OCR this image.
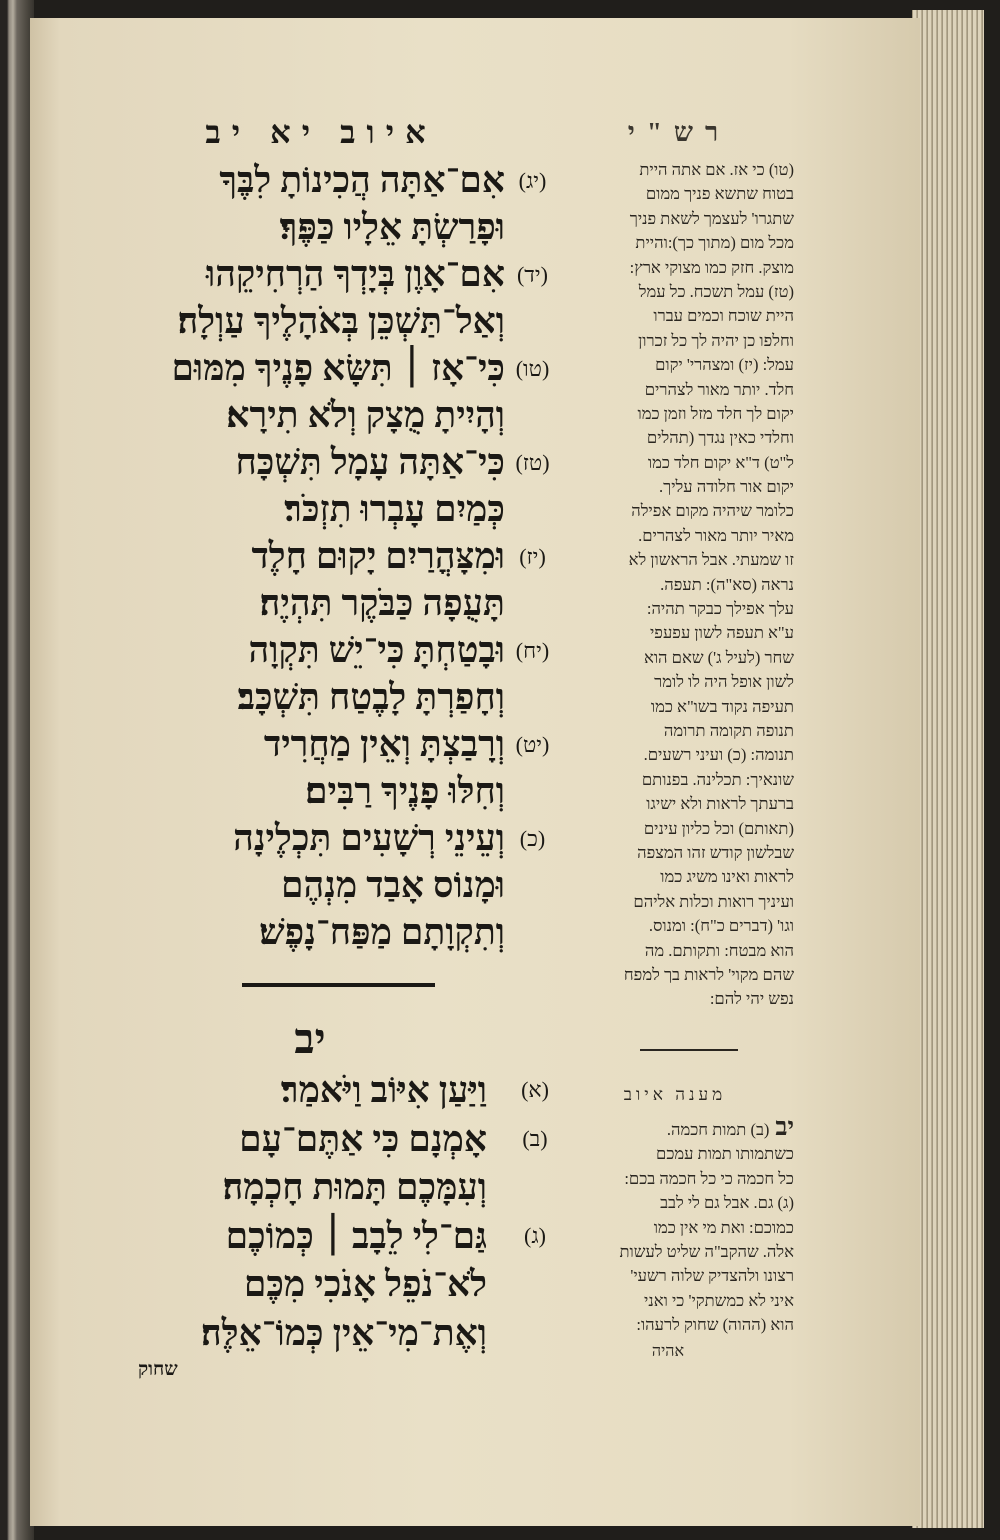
איוב יא יב	רש"י
(יג)
אִם־אַתָּה הֲכִינוֹתָ לִבֶּךָ
וּפָרַשְׂתָּ אֵלָיו כַּפֶּךָ׃
(יד)
אִם־אָוֶן בְּיָדְךָ הַרְחִיקֵהוּ
וְאַל־תַּשְׁכֵּן בְּאֹהָלֶיךָ עַוְלָה׃
(טו)
כִּי־אָז ׀ תִּשָּׂא פָנֶיךָ מִמּוּם
וְהָיִיתָ מֻצָק וְלֹא תִירָא׃
(טז)
כִּי־אַתָּה עָמָל תִּשְׁכָּח
כְּמַיִם עָבְרוּ תִזְכֹּר׃
(יז)
וּמִצָּהֳרַיִם יָקוּם חָלֶד
תָּעֻפָה כַּבֹּקֶר תִּהְיֶה׃
(יח)
וּבָטַחְתָּ כִּי־יֵשׁ תִּקְוָה
וְחָפַרְתָּ לָבֶטַח תִּשְׁכָּב׃
(יט)
וְרָבַצְתָּ וְאֵין מַחֲרִיד
וְחִלּוּ פָנֶיךָ רַבִּים׃
(כ)
וְעֵינֵי רְשָׁעִים תִּכְלֶינָה
וּמָנוֹס אָבַד מִנְהֶם
וְתִקְוָתָם מַפַּח־נָפֶשׁ׃
יב
(א)
וַיַּעַן אִיּוֹב וַיֹּאמַר׃
(ב)
אָמְנָם כִּי אַתֶּם־עָם
וְעִמָּכֶם תָּמוּת חָכְמָה׃
(ג)
גַּם־לִי לֵבָב ׀ כְּמוֹכֶם
לֹא־נֹפֵל אָנֹכִי מִכֶּם
וְאֶת־מִי־אֵין כְּמוֹ־אֵלֶּה׃
שחוק
(טו) כי אז. אם אתה היית
בטוח שתשא פניך ממום
שתגרו' לעצמך לשאת פניך
מכל מום (מתוך כך):והיית
מוצק. חזק כמו מצוקי ארץ:
(טז) עמל תשכח. כל עמל
היית שוכח וכמים עברו
וחלפו כן יהיה לך כל זכרון
עמל: (יז) ומצהרי' יקום
חלד. יותר מאור לצהרים
יקום לך חלד מזל וזמן כמו
וחלדי כאין נגדך (תהלים
ל"ט) ד"א יקום חלד כמו
יקום אור חלודה עליך.
כלומר שיהיה מקום אפילה
מאיר יותר מאור לצהרים.
זו שמעתי. אבל הראשון לא
נראה (סא"ה): תעפה.
עלך אפילך כבקר תהיה:
ע"א תעפה לשון עפעפי
שחר (לעיל ג') שאם הוא
לשון אופל היה לו לומר
תעיפה נקוד בשו"א כמו
תנופה תקומה תרומה
תנומה: (כ) ועיני רשעים.
שונאיך: תכלינה. בפנותם
ברעתך לראות ולא ישיגו
(תאותם) וכל כליון עינים
שבלשון קודש זהו המצפה
לראות ואינו משיג כמו
ועיניך רואות וכלות אליהם
וגו' (דברים כ"ח): ומנוס.
הוא מבטח: ותקותם. מה
שהם מקוי' לראות בך למפח
נפש יהי להם:
מענה איוב
יב(ב) תמות חכמה.
כשתמותו תמות עמכם
כל חכמה כי כל חכמה בכם:
(ג) גם. אבל גם לי לבב
כמוכם: ואת מי אין כמו
אלה. שהקב"ה שליט לעשות
רצונו ולהצדיק שלוה רשעי'
איני לא כמשתקי' כי ואני
הוא (ההוה) שחוק לרעהו:
אהיה
